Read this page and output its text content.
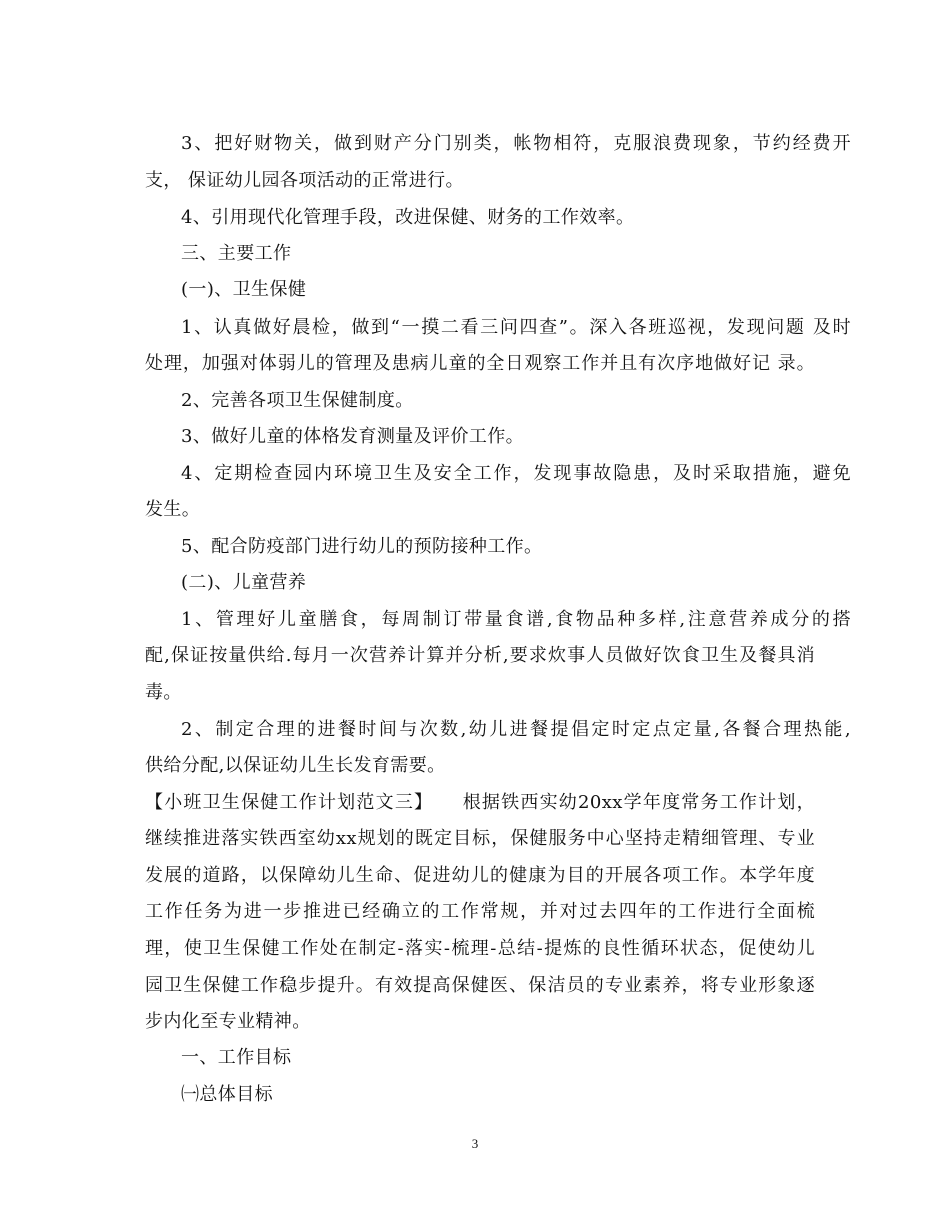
3、把好财物关，做到财产分门别类，帐物相符，克服浪费现象，节约经费开
支， 保证幼儿园各项活动的正常进行。
4、引用现代化管理手段，改进保健、财务的工作效率。
三、主要工作
(一)、卫生保健
1、认真做好晨检，做到“一摸二看三问四查”。深入各班巡视，发现问题 及时
处理，加强对体弱儿的管理及患病儿童的全日观察工作并且有次序地做好记 录。
2、完善各项卫生保健制度。
3、做好儿童的体格发育测量及评价工作。
4、定期检查园内环境卫生及安全工作，发现事故隐患，及时采取措施，避免
发生。
5、配合防疫部门进行幼儿的预防接种工作。
(二)、儿童营养
1、管理好儿童膳食，每周制订带量食谱,食物品种多样,注意营养成分的搭
配,保证按量供给.每月一次营养计算并分析,要求炊事人员做好饮食卫生及餐具消
毒。
2、制定合理的进餐时间与次数,幼儿进餐提倡定时定点定量,各餐合理热能,
供给分配,以保证幼儿生长发育需要。
【小班卫生保健工作计划范文三】　　根据铁西实幼20xx学年度常务工作计划，
继续推进落实铁西室幼xx规划的既定目标，保健服务中心坚持走精细管理、专业
发展的道路，以保障幼儿生命、促进幼儿的健康为目的开展各项工作。本学年度
工作任务为进一步推进已经确立的工作常规，并对过去四年的工作进行全面梳
理，使卫生保健工作处在制定-落实-梳理-总结-提炼的良性循环状态，促使幼儿
园卫生保健工作稳步提升。有效提高保健医、保洁员的专业素养，将专业形象逐
步内化至专业精神。
一、工作目标
㈠总体目标
3
